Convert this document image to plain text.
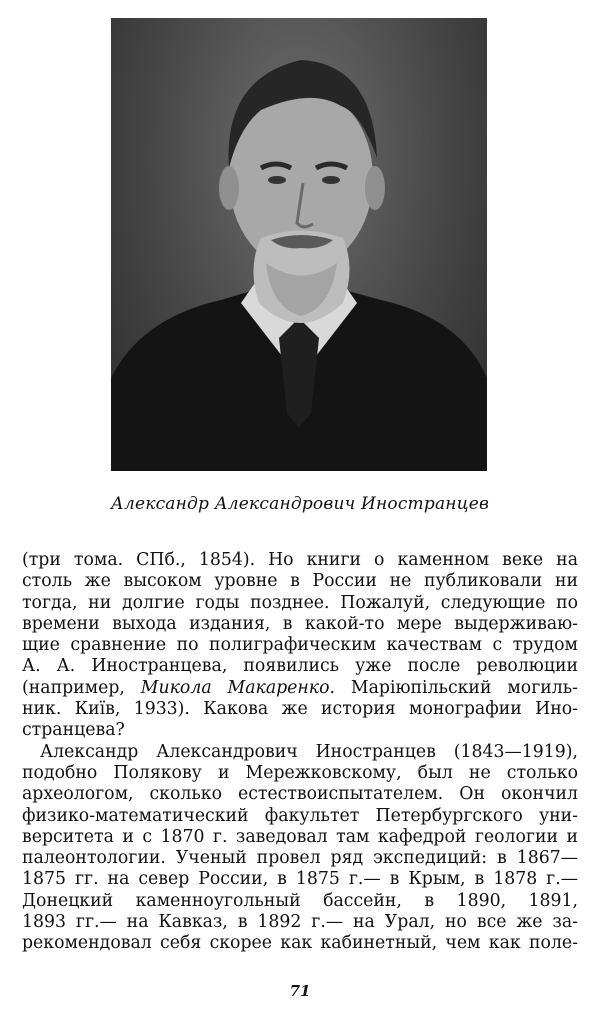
Александр Александрович Иностранцев
(три тома. СПб., 1854). Но книги о каменном веке на
столь же высоком уровне в России не публиковали ни
тогда, ни долгие годы позднее. Пожалуй, следующие по
времени выхода издания, в какой-то мере выдерживаю-
щие сравнение по полиграфическим качествам с трудом
А. А. Иностранцева, появились уже после революции
(например, Микола Макаренко. Маріюпільский могиль-
ник. Київ, 1933). Какова же история монографии Ино-
странцева?
Александр Александрович Иностранцев (1843—1919),
подобно Полякову и Мережковскому, был не столько
археологом, сколько естествоиспытателем. Он окончил
физико-математический факультет Петербургского уни-
верситета и с 1870 г. заведовал там кафедрой геологии и
палеонтологии. Ученый провел ряд экспедиций: в 1867—
1875 гг. на север России, в 1875 г.— в Крым, в 1878 г.—
Донецкий каменноугольный бассейн, в 1890, 1891,
1893 гг.— на Кавказ, в 1892 г.— на Урал, но все же за-
рекомендовал себя скорее как кабинетный, чем как поле-
71
